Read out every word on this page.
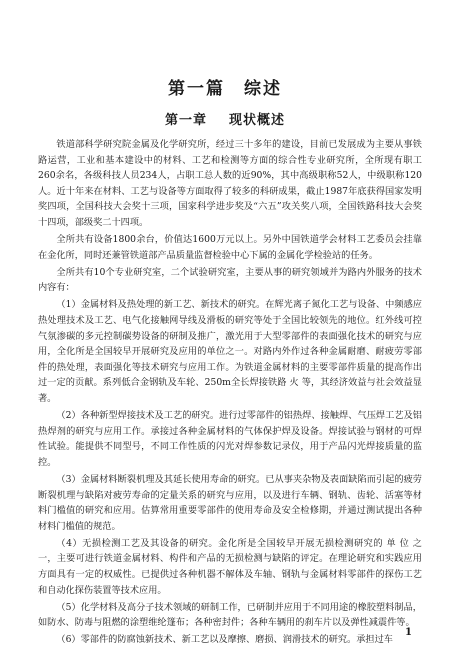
第一篇　综述
第一章 现状概述

铁道部科学研究院金属及化学研究所，经过三十多年的建设，目前已发展成为主要从事铁路运营，工业和基本建设中的材料、工艺和检测等方面的综合性专业研究所，全所现有职工260余名，各级科技人员234人，占职工总人数的近90%，其中高级职称52人，中级职称120人。近十年来在材料、工艺与设备等方面取得了较多的科研成果，截止1987年底获得国家发明奖四项，全国科技大会奖十三项，国家科学进步奖及“六五”攻关奖八项，全国铁路科技大会奖十四项，部级奖二十四项。

全所共有设备1800余台，价值达1600万元以上。另外中国铁道学会材料工艺委员会挂靠在金化所，同时还兼管铁道部产品质量监督检验中心下属的金属化学检验站的任务。

全所共有10个专业研究室，二个试验研究室，主要从事的研究领域并为路内外服务的技术内容有：

（1）金属材料及热处理的新工艺、新技术的研究。在辉光离子氮化工艺与设备、中频感应热处理技术及工艺、电气化接触网导线及滑板的研究等处于全国比较领先的地位。红外线可控气氛渗碳的多元控制碳势设备的研制及推广，激光用于大型零部件的表面强化技术的研究与应用，全化所是全国较早开展研究及应用的单位之一。对路内外作过各种金属耐磨、耐疲劳零部件的热处理，表面强化等技术研究与应用工作。为铁道金属材料的主要零部件质量的提高作出过一定的贡献。系列低合金钢轨及车轮、250m全长焊接铁路 火 等，其经济效益与社会效益显著。

（2）各种新型焊接技术及工艺的研究。进行过零部件的铝热焊、接触焊、气压焊工艺及铝热焊剂的研究与应用工作。承接过各种金属材料的气体保护焊及设备。焊接试验与钢材的可焊性试验。能提供不同型号，不同工作性质的闪光对焊参数记录仪，用于产品闪光焊接质量的监控。

（3）金属材料断裂机理及其延长使用寿命的研究。已从事夹杂物及表面缺陷而引起的疲劳断裂机理与缺陷对疲劳寿命的定量关系的研究与应用，以及进行车辆、钢轨、齿轮、活塞等材料门槛值的研究和应用。估算常用重要零部件的使用寿命及安全检修期，并通过测试提出各种材料门槛值的规范。

（4）无损检测工艺及其设备的研究。金化所是全国较早开展无损检测研究的 单 位 之 一，主要可进行铁道金属材料、构件和产品的无损检测与缺陷的评定。在理论研究和实践应用方面具有一定的权威性。已提供过各种机器不解体及车轴、钢轨与金属材料零部件的探伤工艺和自动化探伤装置等技术应用。

（5）化学材料及高分子技术领域的研制工作，已研制并应用于不同用途的橡胶塑料制品，如防水、防毒与阻燃的涂塑维纶篷布；各种密封件；各种车辆用的刹车片以及弹性减震件等。

（6）零部件的防腐蚀新技术、新工艺以及摩擦、磨损、润滑技术的研究。承担过车

1
